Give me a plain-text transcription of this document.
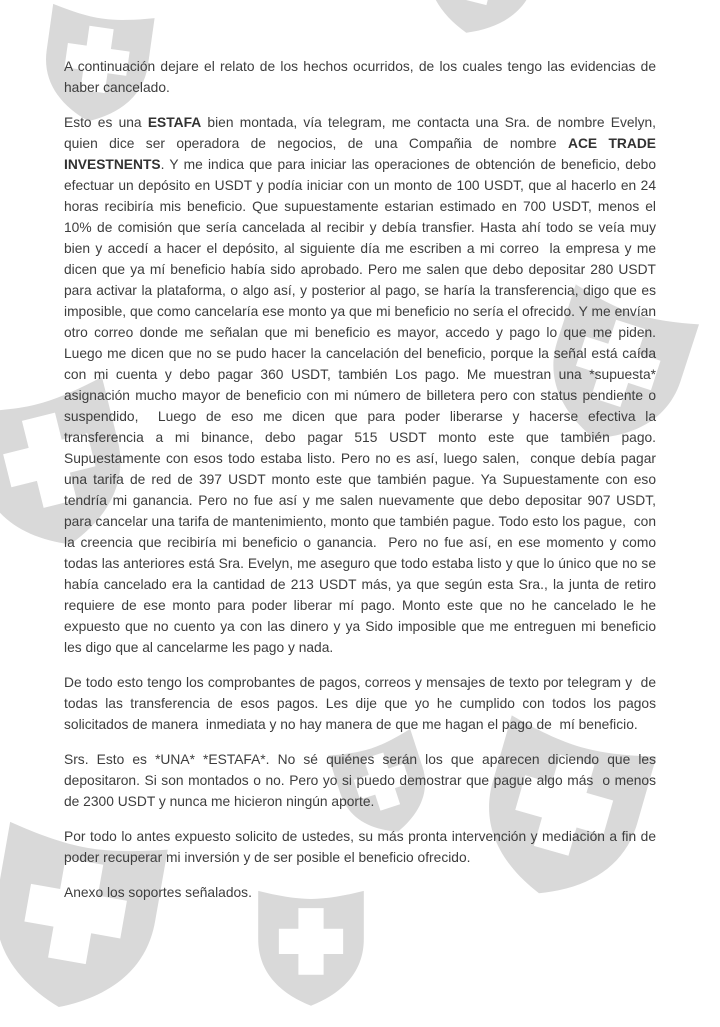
A continuación dejare el relato de los hechos ocurridos, de los cuales tengo las evidencias de haber cancelado.

Esto es una ESTAFA bien montada, vía telegram, me contacta una Sra. de nombre Evelyn, quien dice ser operadora de negocios, de una Compañia de nombre ACE TRADE INVESTNENTS. Y me indica que para iniciar las operaciones de obtención de beneficio, debo efectuar un depósito en USDT y podía iniciar con un monto de 100 USDT, que al hacerlo en 24 horas recibiría mis beneficio. Que supuestamente estarian estimado en 700 USDT, menos el 10% de comisión que sería cancelada al recibir y debía transfier. Hasta ahí todo se veía muy bien y accedí a hacer el depósito, al siguiente día me escriben a mi correo  la empresa y me dicen que ya mí beneficio había sido aprobado. Pero me salen que debo depositar 280 USDT para activar la plataforma, o algo así, y posterior al pago, se haría la transferencia, digo que es imposible, que como cancelaría ese monto ya que mi beneficio no sería el ofrecido. Y me envían otro correo donde me señalan que mi beneficio es mayor, accedo y pago lo que me piden. Luego me dicen que no se pudo hacer la cancelación del beneficio, porque la señal está caída con mi cuenta y debo pagar 360 USDT, también Los pago. Me muestran una *supuesta* asignación mucho mayor de beneficio con mi número de billetera pero con status pendiente o suspendido,  Luego de eso me dicen que para poder liberarse y hacerse efectiva la transferencia a mi binance, debo pagar 515 USDT monto este que también pago.  Supuestamente con esos todo estaba listo. Pero no es así, luego salen,  conque debía pagar una tarifa de red de 397 USDT monto este que también pague. Ya Supuestamente con eso tendría mi ganancia. Pero no fue así y me salen nuevamente que debo depositar 907 USDT, para cancelar una tarifa de mantenimiento, monto que también pague. Todo esto los pague,  con la creencia que recibiría mi beneficio o ganancia.  Pero no fue así, en ese momento y como todas las anteriores está Sra. Evelyn, me aseguro que todo estaba listo y que lo único que no se había cancelado era la cantidad de 213 USDT más, ya que según esta Sra., la junta de retiro requiere de ese monto para poder liberar mí pago. Monto este que no he cancelado le he expuesto que no cuento ya con las dinero y ya Sido imposible que me entreguen mi beneficio les digo que al cancelarme les pago y nada.

De todo esto tengo los comprobantes de pagos, correos y mensajes de texto por telegram y  de todas las transferencia de esos pagos. Les dije que yo he cumplido con todos los pagos solicitados de manera  inmediata y no hay manera de que me hagan el pago de  mí beneficio.

Srs. Esto es *UNA* *ESTAFA*. No sé quiénes serán los que aparecen diciendo que les depositaron. Si son montados o no. Pero yo si puedo demostrar que pague algo más  o menos de 2300 USDT y nunca me hicieron ningún aporte.

Por todo lo antes expuesto solicito de ustedes, su más pronta intervención y mediación a fin de poder recuperar mi inversión y de ser posible el beneficio ofrecido.

Anexo los soportes señalados.
